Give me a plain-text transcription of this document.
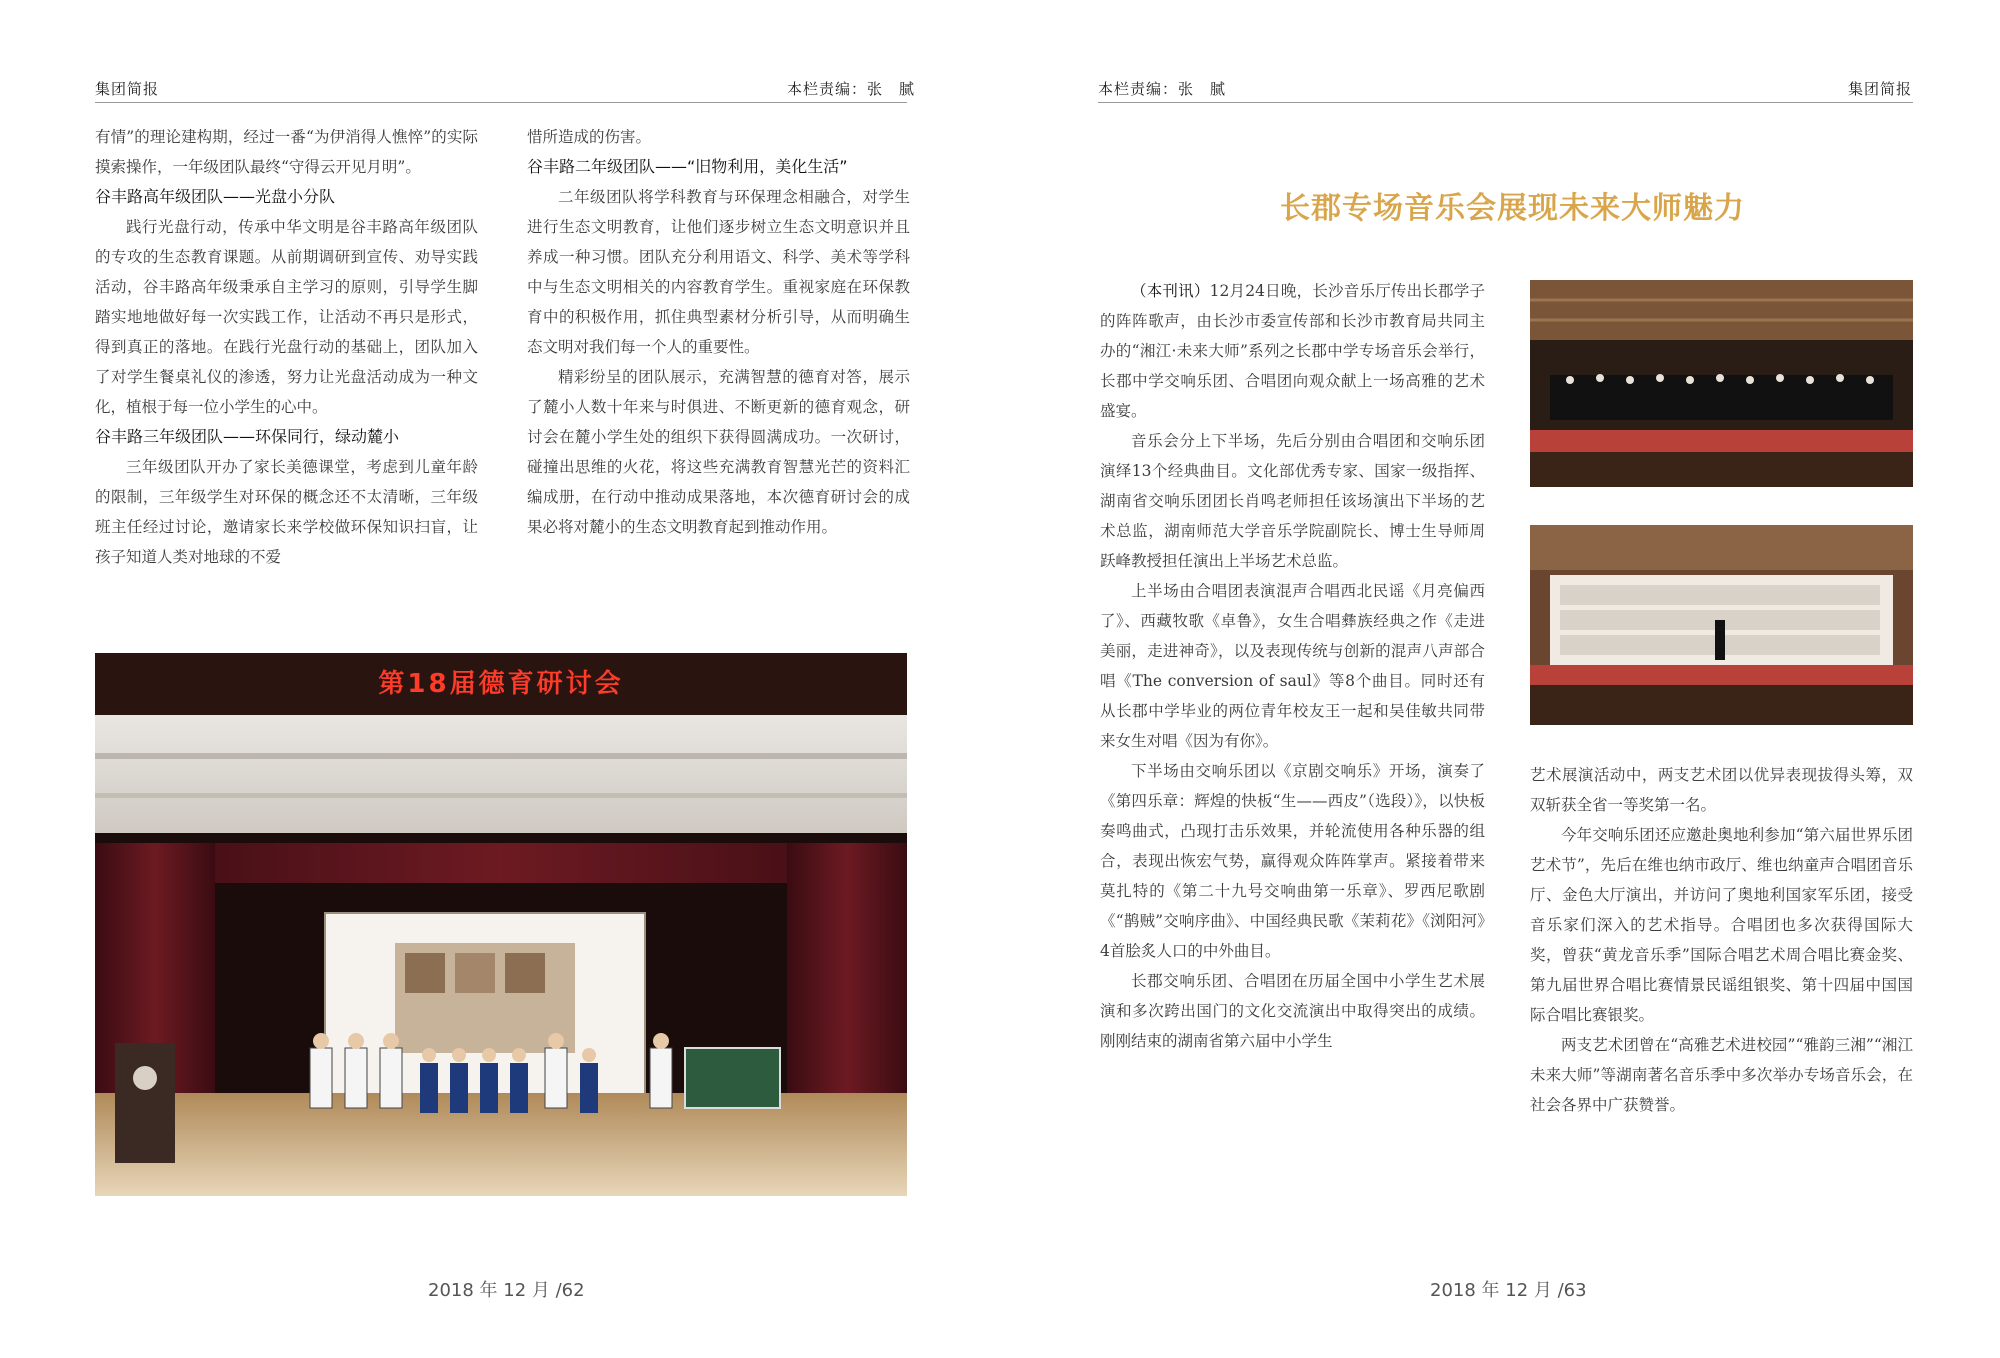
集团简报	本栏责编：张　腻

有情”的理论建构期，经过一番“为伊消得人憔悴”的实际摸索操作，一年级团队最终“守得云开见月明”。

谷丰路高年级团队——光盘小分队

践行光盘行动，传承中华文明是谷丰路高年级团队的专攻的生态教育课题。从前期调研到宣传、劝导实践活动，谷丰路高年级秉承自主学习的原则，引导学生脚踏实地地做好每一次实践工作，让活动不再只是形式，得到真正的落地。在践行光盘行动的基础上，团队加入了对学生餐桌礼仪的渗透，努力让光盘活动成为一种文化，植根于每一位小学生的心中。

谷丰路三年级团队——环保同行，绿动麓小

三年级团队开办了家长美德课堂，考虑到儿童年龄的限制，三年级学生对环保的概念还不太清晰，三年级班主任经过讨论，邀请家长来学校做环保知识扫盲，让孩子知道人类对地球的不爱

惜所造成的伤害。

谷丰路二年级团队——“旧物利用，美化生活”

二年级团队将学科教育与环保理念相融合，对学生进行生态文明教育，让他们逐步树立生态文明意识并且养成一种习惯。团队充分利用语文、科学、美术等学科中与生态文明相关的内容教育学生。重视家庭在环保教育中的积极作用，抓住典型素材分析引导，从而明确生态文明对我们每一个人的重要性。

精彩纷呈的团队展示，充满智慧的德育对答，展示了麓小人数十年来与时俱进、不断更新的德育观念，研讨会在麓小学生处的组织下获得圆满成功。一次研讨，碰撞出思维的火花，将这些充满教育智慧光芒的资料汇编成册，在行动中推动成果落地，本次德育研讨会的成果必将对麓小的生态文明教育起到推动作用。

第18届德育研讨会
2018 年 12 月 /62
本栏责编：张　腻	集团简报
长郡专场音乐会展现未来大师魅力

（本刊讯）12月24日晚，长沙音乐厅传出长郡学子的阵阵歌声，由长沙市委宣传部和长沙市教育局共同主办的“湘江·未来大师”系列之长郡中学专场音乐会举行，长郡中学交响乐团、合唱团向观众献上一场高雅的艺术盛宴。

音乐会分上下半场，先后分别由合唱团和交响乐团演绎13个经典曲目。文化部优秀专家、国家一级指挥、湖南省交响乐团团长肖鸣老师担任该场演出下半场的艺术总监，湖南师范大学音乐学院副院长、博士生导师周跃峰教授担任演出上半场艺术总监。

上半场由合唱团表演混声合唱西北民谣《月亮偏西了》、西藏牧歌《卓鲁》，女生合唱彝族经典之作《走进美丽，走进神奇》，以及表现传统与创新的混声八声部合唱《The conversion of saul》等8个曲目。同时还有从长郡中学毕业的两位青年校友王一起和吴佳敏共同带来女生对唱《因为有你》。

下半场由交响乐团以《京剧交响乐》开场，演奏了《第四乐章：辉煌的快板“生——西皮”（选段）》，以快板奏鸣曲式，凸现打击乐效果，并轮流使用各种乐器的组合，表现出恢宏气势，赢得观众阵阵掌声。紧接着带来莫扎特的《第二十九号交响曲第一乐章》、罗西尼歌剧《“鹊贼”交响序曲》、中国经典民歌《茉莉花》《浏阳河》4首脍炙人口的中外曲目。

长郡交响乐团、合唱团在历届全国中小学生艺术展演和多次跨出国门的文化交流演出中取得突出的成绩。刚刚结束的湖南省第六届中小学生

艺术展演活动中，两支艺术团以优异表现拔得头筹，双双斩获全省一等奖第一名。

今年交响乐团还应邀赴奥地利参加“第六届世界乐团艺术节”，先后在维也纳市政厅、维也纳童声合唱团音乐厅、金色大厅演出，并访问了奥地利国家军乐团，接受音乐家们深入的艺术指导。合唱团也多次获得国际大奖，曾获“黄龙音乐季”国际合唱艺术周合唱比赛金奖、第九届世界合唱比赛情景民谣组银奖、第十四届中国国际合唱比赛银奖。

两支艺术团曾在“高雅艺术进校园”“雅韵三湘”“湘江未来大师”等湖南著名音乐季中多次举办专场音乐会，在社会各界中广获赞誉。

2018 年 12 月 /63
